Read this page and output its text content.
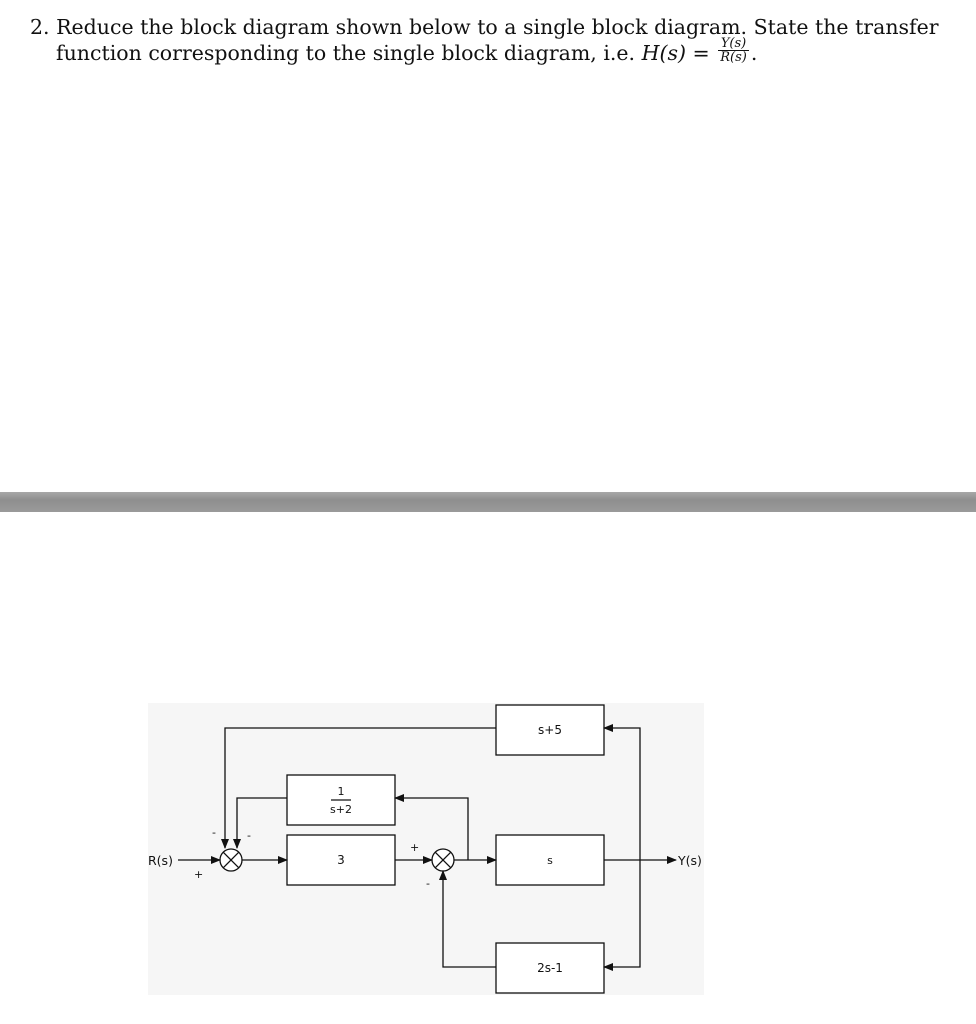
2. Reduce the block diagram shown below to a single block diagram. State the transfer
function corresponding to the single block diagram, i.e. $H(s) = \frac{Y(s)}{R(s)}$ .
s+5
1
s+2
3	s
2s-1
R(s)	Y(s)
+
-	-
+
-
